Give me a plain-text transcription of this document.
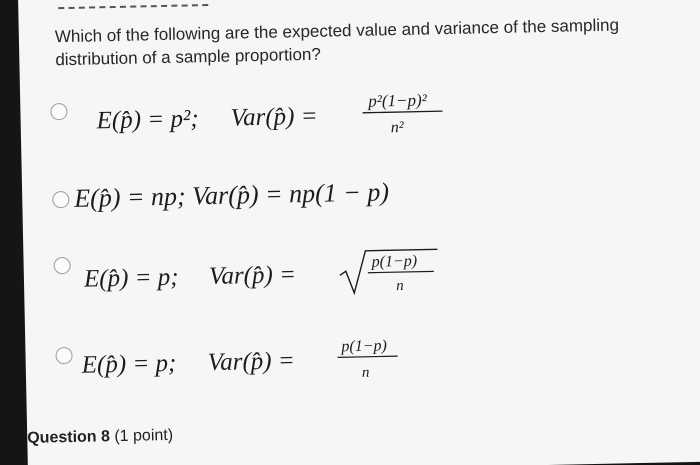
Which of the following are the expected value and variance of the sampling distribution of a sample proportion?
E(p̂) = p²; Var(p̂) =
p²(1−p)²
n²
E(p̂) = np; Var(p̂) = np(1 − p)
E(p̂) = p; Var(p̂) =	p(1−p)
n
E(p̂) = p; Var(p̂) =
p(1−p)
n
Question 8 (1 point)
